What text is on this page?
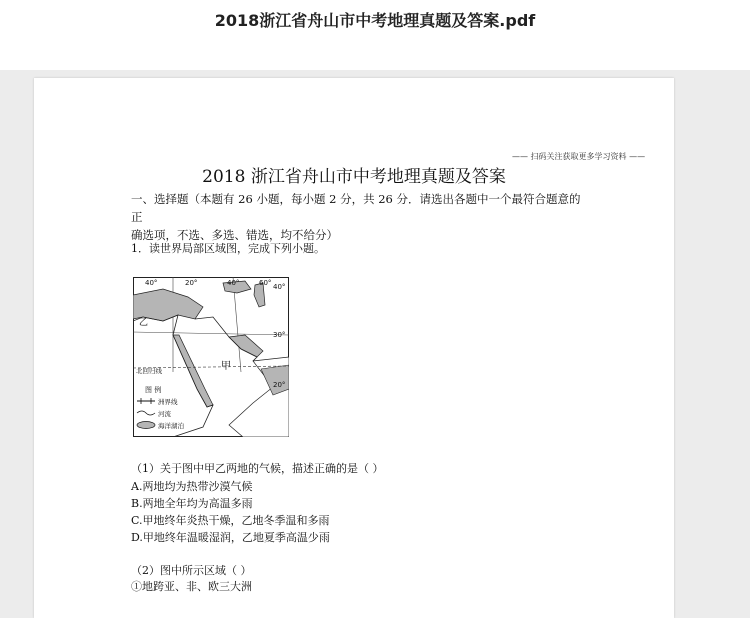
2018浙江省舟山市中考地理真题及答案.pdf
—— 扫码关注获取更多学习资料 ——
2018 浙江省舟山市中考地理真题及答案
一、选择题（本题有 26 小题，每小题 2 分，共 26 分．请选出各题中一个最符合题意的正
确选项，不选、多选、错选，均不给分）
1．读世界局部区域图，完成下列小题。
40°	20°	40°	60° 40°
30°
20°
乙
甲
北回归线
图 例
洲界线
河流
海洋湖泊
（1）关于图中甲乙两地的气候，描述正确的是（ ）
A.两地均为热带沙漠气候
B.两地全年均为高温多雨
C.甲地终年炎热干燥，乙地冬季温和多雨
D.甲地终年温暖湿润，乙地夏季高温少雨
（2）图中所示区域（ ）
①地跨亚、非、欧三大洲
